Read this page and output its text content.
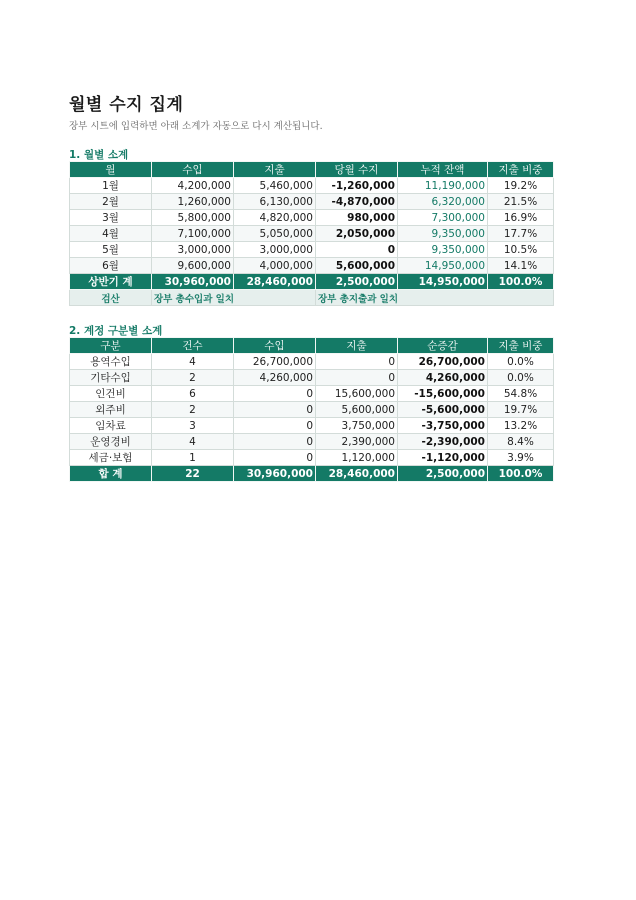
월별 수지 집계
장부 시트에 입력하면 아래 소계가 자동으로 다시 계산됩니다.
1. 월별 소계
월	수입	지출	당월 수지	누적 잔액	지출 비중
1월	4,200,000	5,460,000	-1,260,000	11,190,000	19.2%
2월	1,260,000	6,130,000	-4,870,000	6,320,000	21.5%
3월	5,800,000	4,820,000	980,000	7,300,000	16.9%
4월	7,100,000	5,050,000	2,050,000	9,350,000	17.7%
5월	3,000,000	3,000,000	0	9,350,000	10.5%
6월	9,600,000	4,000,000	5,600,000	14,950,000	14.1%
상반기 계	30,960,000	28,460,000	2,500,000	14,950,000	100.0%
검산	장부 총수입과 일치		장부 총지출과 일치		
2. 계정 구분별 소계
구분	건수	수입	지출	순증감	지출 비중
용역수입	4	26,700,000	0	26,700,000	0.0%
기타수입	2	4,260,000	0	4,260,000	0.0%
인건비	6	0	15,600,000	-15,600,000	54.8%
외주비	2	0	5,600,000	-5,600,000	19.7%
임차료	3	0	3,750,000	-3,750,000	13.2%
운영경비	4	0	2,390,000	-2,390,000	8.4%
세금·보험	1	0	1,120,000	-1,120,000	3.9%
합 계	22	30,960,000	28,460,000	2,500,000	100.0%
